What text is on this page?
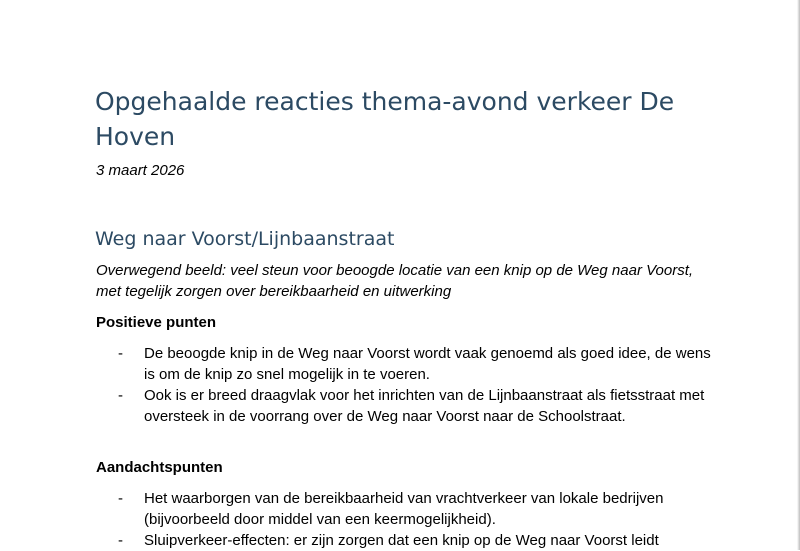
Opgehaalde reacties thema-avond verkeer De Hoven
3 maart 2026
Weg naar Voorst/Lijnbaanstraat
Overwegend beeld: veel steun voor beoogde locatie van een knip op de Weg naar Voorst, met tegelijk zorgen over bereikbaarheid en uitwerking
Positieve punten
-	De beoogde knip in de Weg naar Voorst wordt vaak genoemd als goed idee, de wens is om de knip zo snel mogelijk in te voeren.
-	Ook is er breed draagvlak voor het inrichten van de Lijnbaanstraat als fietsstraat met oversteek in de voorrang over de Weg naar Voorst naar de Schoolstraat.
Aandachtspunten
-	Het waarborgen van de bereikbaarheid van vrachtverkeer van lokale bedrijven (bijvoorbeeld door middel van een keermogelijkheid).
-	Sluipverkeer-effecten: er zijn zorgen dat een knip op de Weg naar Voorst leidt
